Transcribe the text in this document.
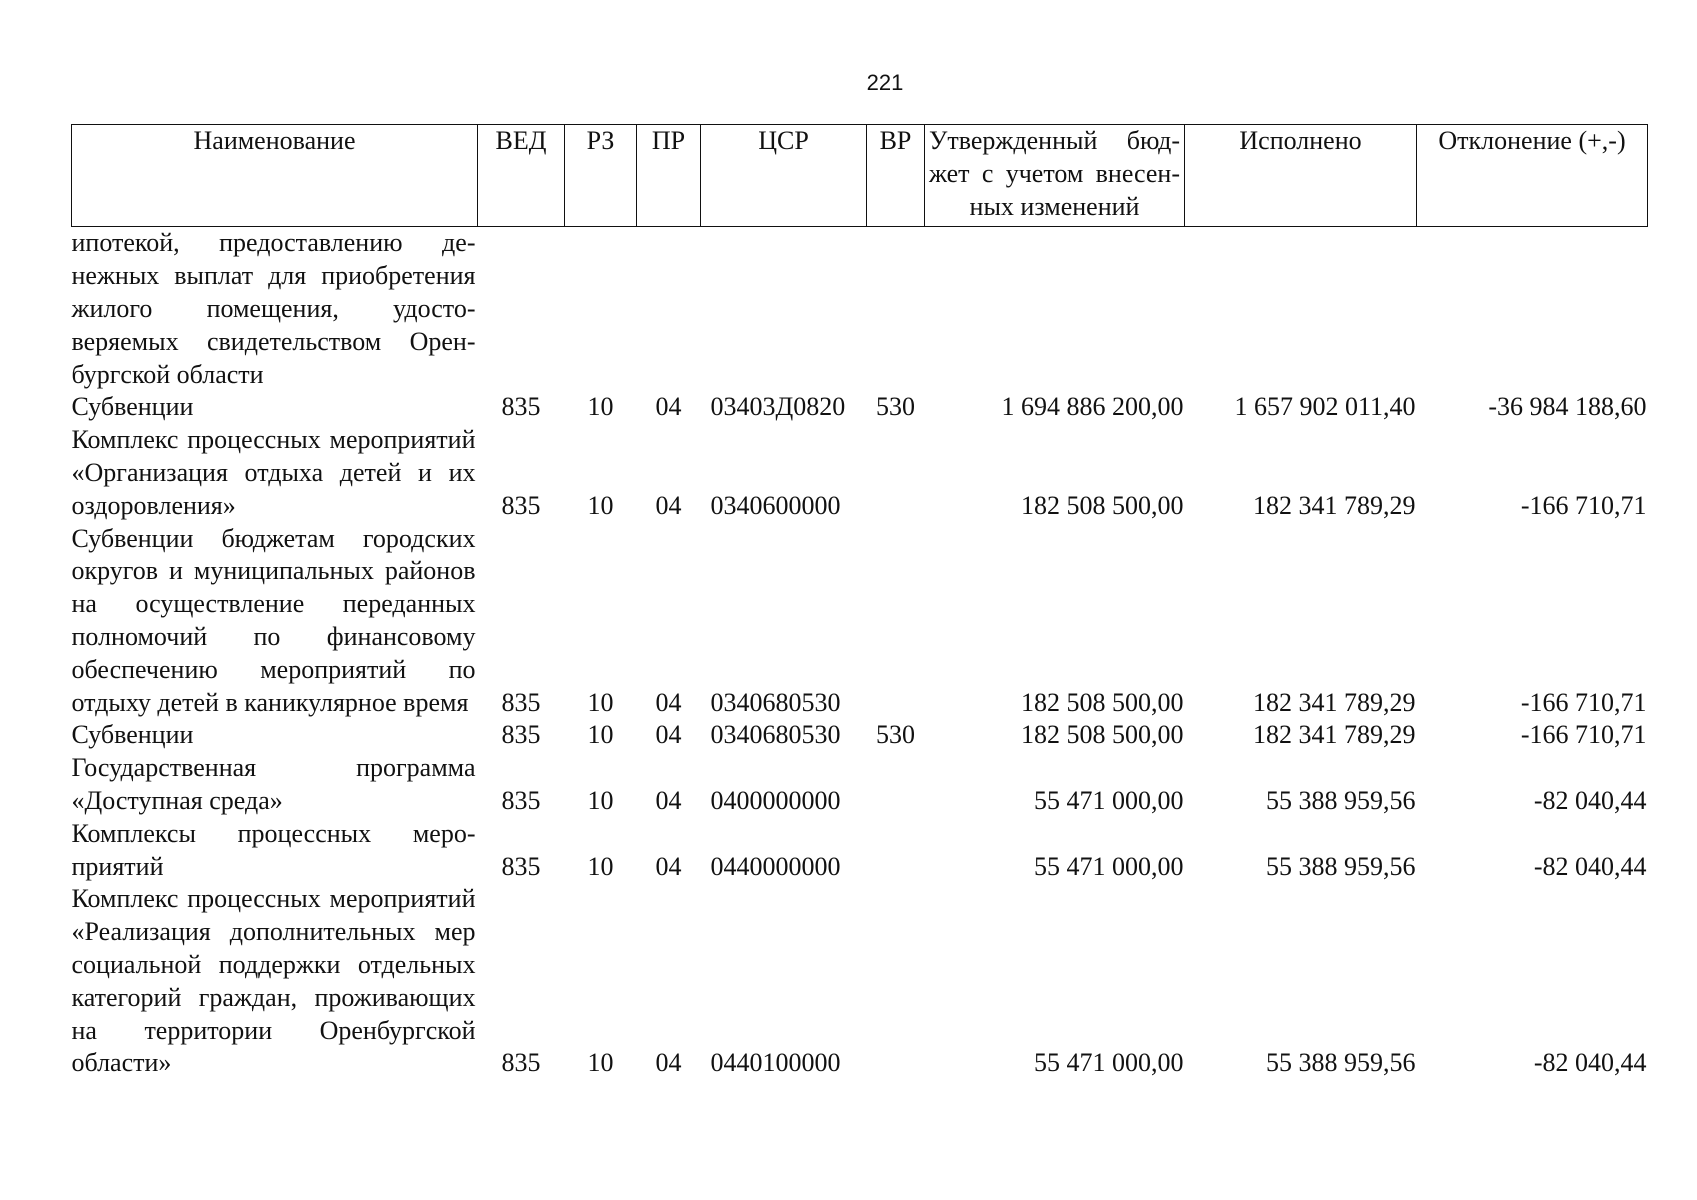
221
Наименование	ВЕД	РЗ	ПР	ЦСР	ВР	Утвержденный бюджет с учетом внесенных изменений	Исполнено	Отклонение (+,-)
ипотекой, предоставлению денежных выплат для приобретения жилого помещения, удостоверяемых свидетельством Оренбургской области								
Субвенции	835	10	04	03403Д0820	530	1 694 886 200,00	1 657 902 011,40	-36 984 188,60
Комплекс процессных мероприятий «Организация отдыха детей и их оздоровления»	835	10	04	0340600000		182 508 500,00	182 341 789,29	-166 710,71
Субвенции бюджетам городских округов и муниципальных районов на осуществление переданных полномочий по финансовому обеспечению мероприятий по отдыху детей в каникулярное время	835	10	04	0340680530		182 508 500,00	182 341 789,29	-166 710,71
Субвенции	835	10	04	0340680530	530	182 508 500,00	182 341 789,29	-166 710,71
Государственная программа «Доступная среда»	835	10	04	0400000000		55 471 000,00	55 388 959,56	-82 040,44
Комплексы процессных мероприятий	835	10	04	0440000000		55 471 000,00	55 388 959,56	-82 040,44
Комплекс процессных мероприятий «Реализация дополнительных мер социальной поддержки отдельных категорий граждан, проживающих на территории Оренбургской области»	835	10	04	0440100000		55 471 000,00	55 388 959,56	-82 040,44
